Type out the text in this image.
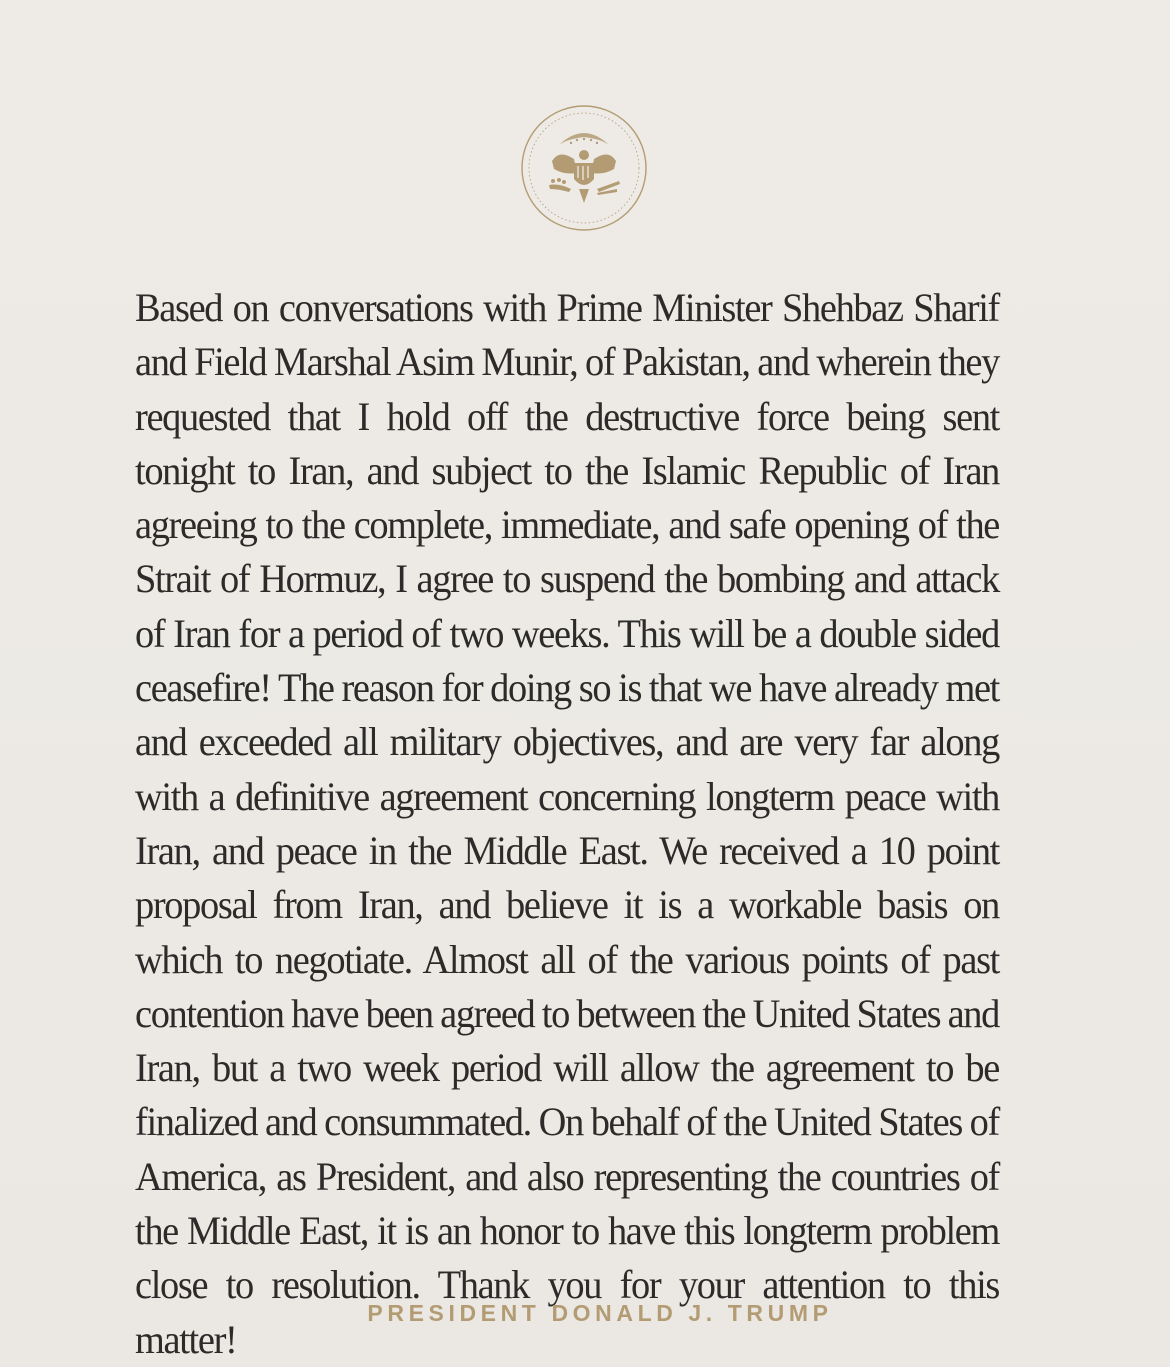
Based on conversations with Prime Minister Shehbaz Sharif and Field Marshal Asim Munir, of Pakistan, and wherein they requested that I hold off the destructive force being sent tonight to Iran, and subject to the Islamic Republic of Iran agreeing to the complete, immediate, and safe opening of the Strait of Hormuz, I agree to suspend the bombing and attack of Iran for a period of two weeks. This will be a double sided ceasefire! The reason for doing so is that we have already met and exceeded all military objectives, and are very far along with a definitive agreement concerning longterm peace with Iran, and peace in the Middle East. We received a 10 point proposal from Iran, and believe it is a workable basis on which to negotiate. Almost all of the various points of past contention have been agreed to between the United States and Iran, but a two week period will allow the agreement to be finalized and consummated. On behalf of the United States of America, as President, and also representing the countries of the Middle East, it is an honor to have this longterm problem close to resolution. Thank you for your attention to this matter!

PRESIDENT DONALD J. TRUMP
